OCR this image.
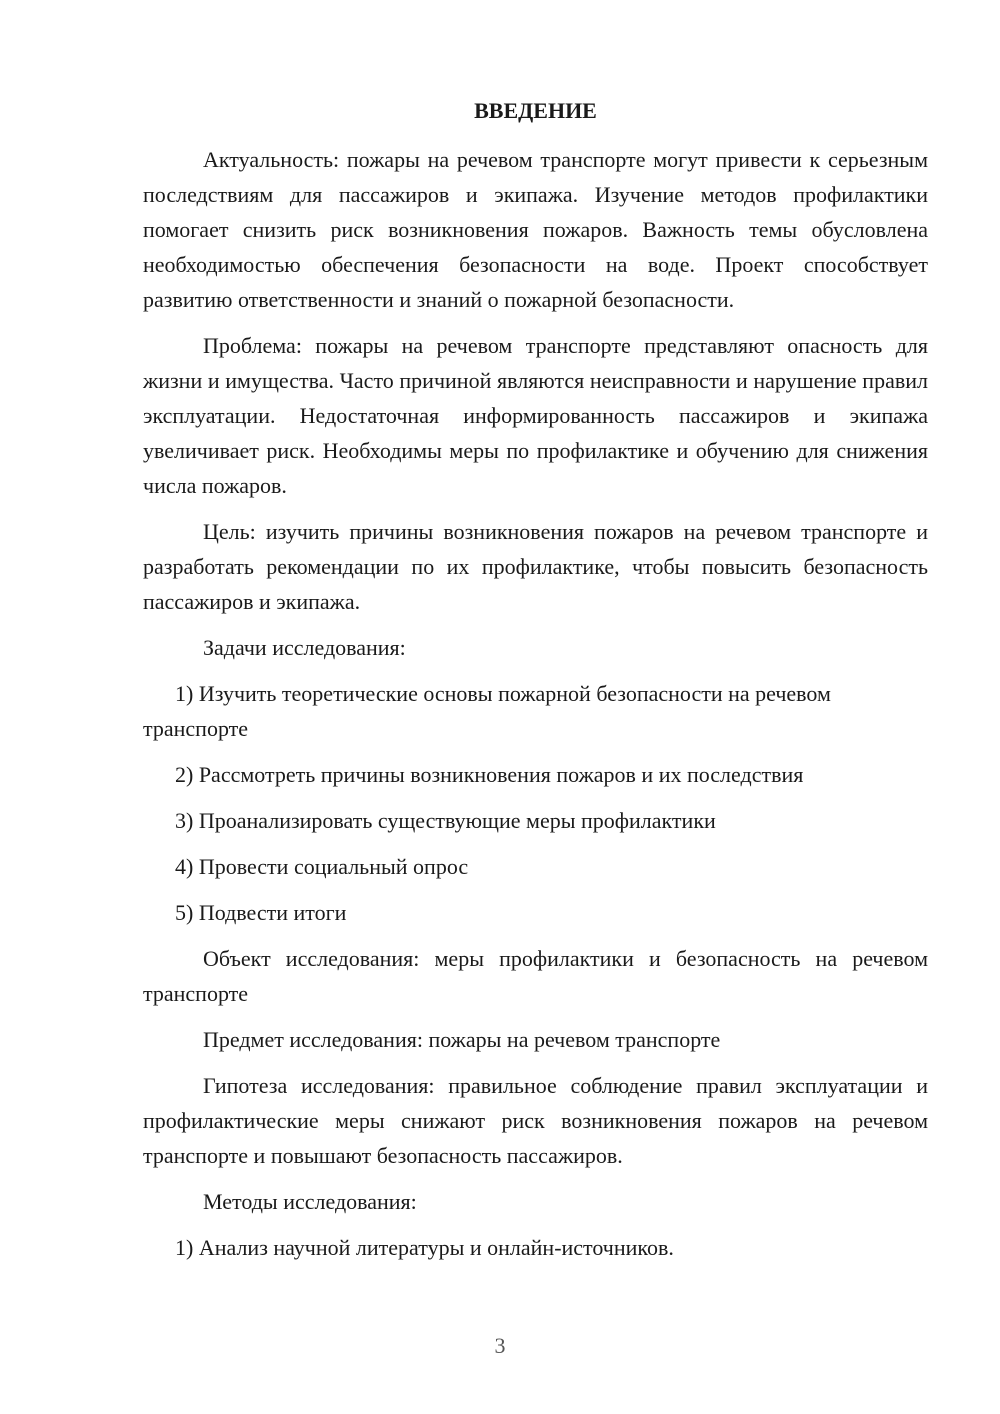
ВВЕДЕНИЕ

Актуальность: пожары на речевом транспорте могут привести к серьезным последствиям для пассажиров и экипажа. Изучение методов профилактики помогает снизить риск возникновения пожаров. Важность темы обусловлена необходимостью обеспечения безопасности на воде. Проект способствует развитию ответственности и знаний о пожарной безопасности.

Проблема: пожары на речевом транспорте представляют опасность для жизни и имущества. Часто причиной являются неисправности и нарушение правил эксплуатации. Недостаточная информированность пассажиров и экипажа увеличивает риск. Необходимы меры по профилактике и обучению для снижения числа пожаров.

Цель: изучить причины возникновения пожаров на речевом транспорте и разработать рекомендации по их профилактике, чтобы повысить безопасность пассажиров и экипажа.

Задачи исследования:

1) Изучить теоретические основы пожарной безопасности на речевом транспорте

2) Рассмотреть причины возникновения пожаров и их последствия

3) Проанализировать существующие меры профилактики

4) Провести социальный опрос

5) Подвести итоги

Объект исследования: меры профилактики и безопасность на речевом транспорте

Предмет исследования: пожары на речевом транспорте

Гипотеза исследования: правильное соблюдение правил эксплуатации и профилактические меры снижают риск возникновения пожаров на речевом транспорте и повышают безопасность пассажиров.

Методы исследования:

1) Анализ научной литературы и онлайн-источников.

3
